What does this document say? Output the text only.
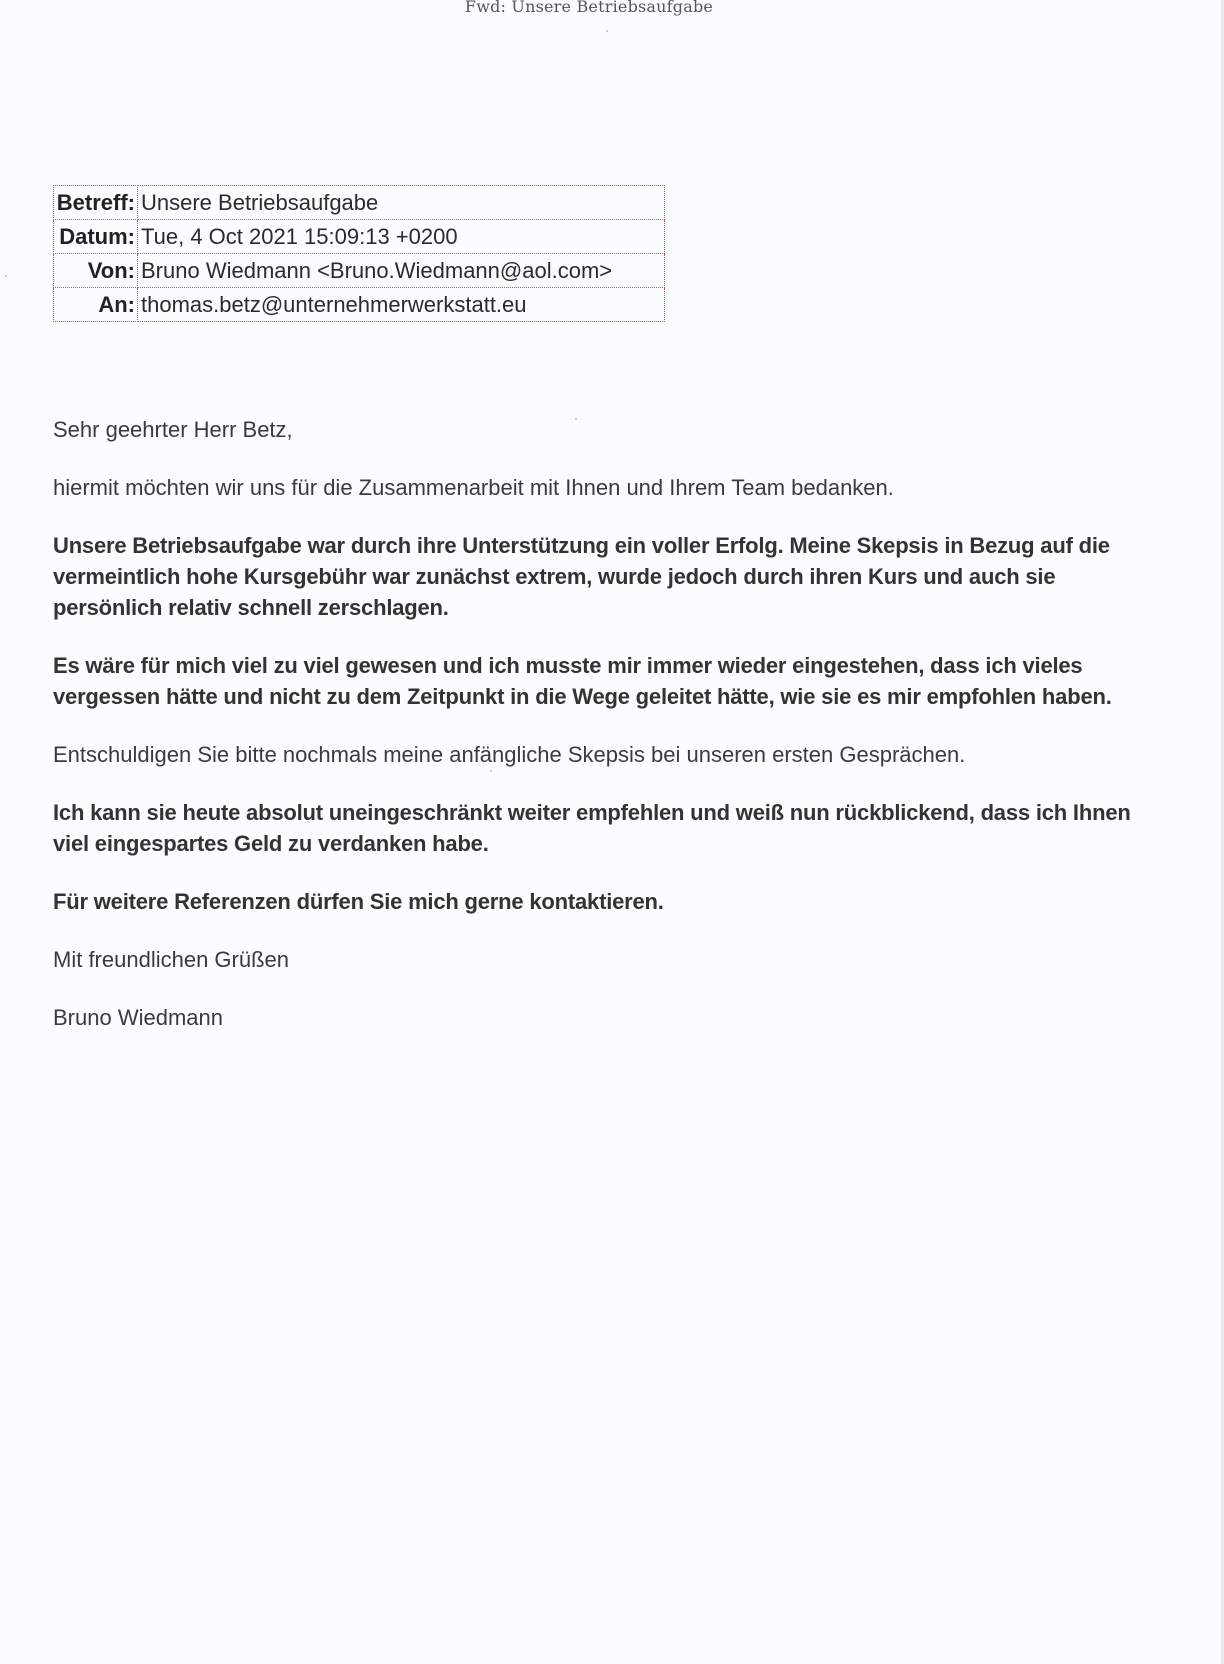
Fwd: Unsere Betriebsaufgabe
Betreff:	Unsere Betriebsaufgabe
Datum:	Tue, 4 Oct 2021 15:09:13 +0200
Von:	Bruno Wiedmann <Bruno.Wiedmann@aol.com>
An:	thomas.betz@unternehmerwerkstatt.eu

Sehr geehrter Herr Betz,

hiermit möchten wir uns für die Zusammenarbeit mit Ihnen und Ihrem Team bedanken.

Unsere Betriebsaufgabe war durch ihre Unterstützung ein voller Erfolg. Meine Skepsis in Bezug auf die vermeintlich hohe Kursgebühr war zunächst extrem, wurde jedoch durch ihren Kurs und auch sie persönlich relativ schnell zerschlagen.

Es wäre für mich viel zu viel gewesen und ich musste mir immer wieder eingestehen, dass ich vieles vergessen hätte und nicht zu dem Zeitpunkt in die Wege geleitet hätte, wie sie es mir empfohlen haben.

Entschuldigen Sie bitte nochmals meine anfängliche Skepsis bei unseren ersten Gesprächen.

Ich kann sie heute absolut uneingeschränkt weiter empfehlen und weiß nun rückblickend, dass ich Ihnen viel eingespartes Geld zu verdanken habe.

Für weitere Referenzen dürfen Sie mich gerne kontaktieren.

Mit freundlichen Grüßen

Bruno Wiedmann
